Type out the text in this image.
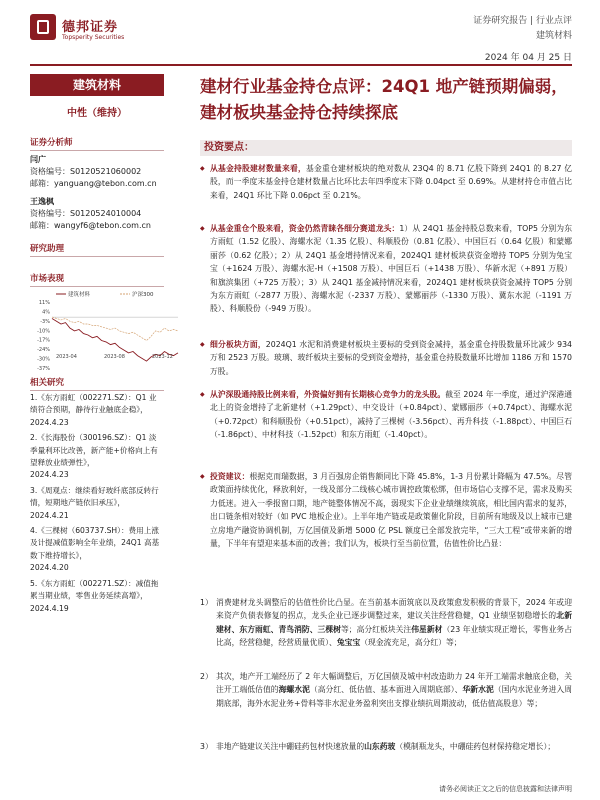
德邦证券
Topsperity Securities
证券研究报告 | 行业点评
建筑材料
2024 年 04 月 25 日
建筑材料
中性（维持）
证券分析师
闫广
资格编号：S0120521060002
邮箱：yanguang@tebon.com.cn
王逸枫
资格编号：S0120524010004
邮箱：wangyf6@tebon.com.cn
研究助理
市场表现
11%
4%
-3%
-10%
-17%
-24%
-30%
-37%
2023-04	2023-08	2023-12
建筑材料	沪深300
相关研究
1.《东方雨虹（002271.SZ）：Q1 业绩符合预期，静待行业触底企稳》，
2024.4.23
2.《长海股份（300196.SZ）：Q1 淡季量利环比改善，新产能+价格向上有望释放业绩弹性》，
2024.4.23
3.《周观点：继续看好玻纤底部反转行情，短期地产链依旧承压》，
2024.4.21
4.《三棵树（603737.SH）：费用上涨及计提减值影响全年业绩，24Q1 高基数下维持增长》，
2024.4.20
5.《东方雨虹（002271.SZ）：减值拖累当期业绩，零售业务延续高增》，
2024.4.19
建材行业基金持仓点评：24Q1 地产链预期偏弱，建材板块基金持仓持续探底
投资要点：
◆ 从基金持股建材数量来看，基金重仓建材板块的绝对数从 23Q4 的 8.71 亿股下降到 24Q1 的 8.27 亿股，而一季度末基金持仓建材数量占比环比去年四季度末下降 0.04pct 至 0.69%。从建材持仓市值占比来看，24Q1 环比下降 0.06pct 至 0.21%。
◆ 从基金重仓个股来看，资金仍然青睐各细分赛道龙头：1）从 24Q1 基金持股总数来看，TOP5 分别为东方雨虹（1.52 亿股）、海螺水泥（1.35 亿股）、科顺股份（0.81 亿股）、中国巨石（0.64 亿股）和蒙娜丽莎（0.62 亿股）；2）从 24Q1 基金增持情况来看，2024Q1 建材板块获资金增持 TOP5 分别为兔宝宝（+1624 万股）、海螺水泥-H（+1508 万股）、中国巨石（+1438 万股）、华新水泥（+891 万股）和旗滨集团（+725 万股）；3）从 24Q1 基金减持情况来看，2024Q1 建材板块获资金减持 TOP5 分别为东方雨虹（-2877 万股）、海螺水泥（-2337 万股）、蒙娜丽莎（-1330 万股）、冀东水泥（-1191 万股）、科顺股份（-949 万股）。
◆ 细分板块方面，2024Q1 水泥和消费建材板块主要标的受到资金减持，基金重仓持股数量环比减少 934 万和 2523 万股。玻璃、玻纤板块主要标的受到资金增持，基金重仓持股数量环比增加 1186 万和 1570 万股。
◆ 从沪深股通持股比例来看，外资偏好拥有长期核心竞争力的龙头股。截至 2024 年一季度，通过沪深港通北上的资金增持了北新建材（+1.29pct）、中交设计（+0.84pct）、蒙娜丽莎（+0.74pct）、海螺水泥（+0.72pct）和科顺股份（+0.51pct），减持了三棵树（-3.56pct）、再升科技（-1.88pct）、中国巨石（-1.86pct）、中材科技（-1.52pct）和东方雨虹（-1.40pct）。
◆ 投资建议：根据克而瑞数据，3 月百强房企销售额同比下降 45.8%，1-3 月份累计降幅为 47.5%。尽管政策面持续优化，释放利好，一线及部分二线核心城市调控政策松绑，但市场信心支撑不足，需求及购买力低迷。进入一季报窗口期，地产链整体情况不高，弱现实下企业业绩继续筑底，相比国内需求的复苏，出口链条相对较好（如 PVC 地板企业）。上半年地产链或是政策催化阶段，目前所有地级及以上城市已建立房地产融资协调机制，万亿国债及新增 5000 亿 PSL 额度已全部发放完毕，“三大工程”或带来新的增量，下半年有望迎来基本面的改善；我们认为，板块行至当前位置，估值性价比凸显：
1） 消费建材龙头调整后的估值性价比凸显。在当前基本面筑底以及政策愈发积极的背景下，2024 年或迎来资产负债表修复的拐点，龙头企业已逐步调整过来，建议关注经营稳健，Q1 业绩坚韧稳增长的北新建材、东方雨虹、青鸟消防、三棵树等；高分红板块关注伟星新材（23 年业绩实现正增长，零售业务占比高，经营稳健，经营质量优质）、兔宝宝（现金流充足，高分红）等；
2） 其次，地产开工端经历了 2 年大幅调整后，万亿国债及城中村改造助力 24 年开工端需求触底企稳，关注开工端低估值的海螺水泥（高分红、低估值、基本面进入周期底部）、华新水泥（国内水泥业务进入周期底部，海外水泥业务+骨料等非水泥业务盈利突出支撑业绩抗周期波动，低估值高股息）等；
3） 非地产链建议关注中硼硅药包材快速放量的山东药玻（模制瓶龙头，中硼硅药包材保持稳定增长）；
请务必阅读正文之后的信息披露和法律声明
